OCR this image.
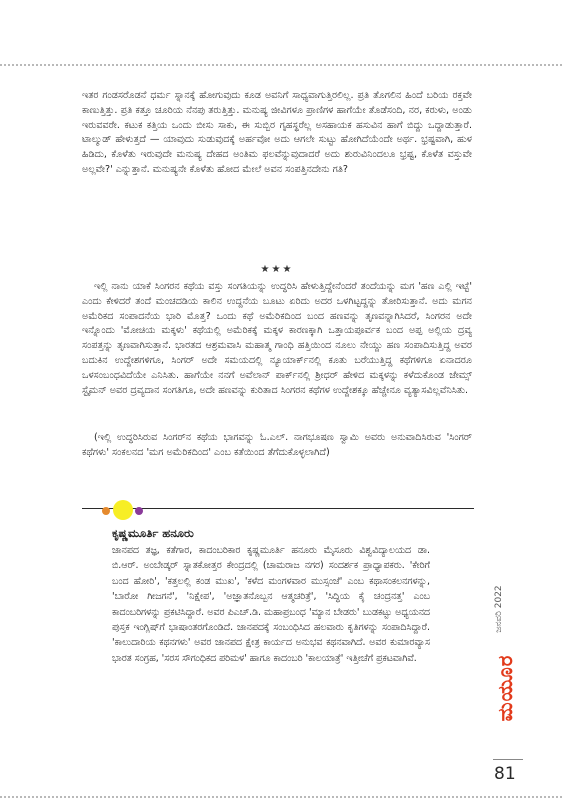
ಇತರ ಗಂಡಸರೊಡನೆ ಧರ್ಮ ಸ್ನಾನಕ್ಕೆ ಹೋಗುವುದು ಕೂಡ ಅವನಿಗೆ ಸಾಧ್ಯವಾಗುತ್ತಿರಲಿಲ್ಲ. ಪ್ರತಿ ತೊಗಲಿನ ಹಿಂದೆ ಬರಿಯ ರಕ್ತವೇ ಕಾಣುತ್ತಿತ್ತು. ಪ್ರತಿ ಕತ್ತೂ ಚೂರಿಯ ನೆನಪು ತರುತ್ತಿತ್ತು. ಮನುಷ್ಯ ಜೀವಿಗಳೂ ಪ್ರಾಣಿಗಳ ಹಾಗೆಯೇ ತೊಡೆಸಂದಿ, ನರ, ಕರುಳು, ಅಂಡು ಇರುವವರೇ. ಕಟುಕ ಕತ್ತಿಯ ಒಂದು ಬೀಸು ಸಾಕು, ಈ ಸುಬ್ಬಿರ ಗೃಹಸ್ಥರೆಲ್ಲ ಅಸಹಾಯಕ ಹಸುವಿನ ಹಾಗೆ ಬಿದ್ದು ಒದ್ದಾಡುತ್ತಾರೆ. ಟಾಲ್ಮುಡ್ ಹೇಳುತ್ತದೆ — ಯಾವುದು ಸುಡುವುದಕ್ಕೆ ಅರ್ಹವೋ ಅದು ಆಗಲೇ ಸುಟ್ಟು ಹೋಗಿದೆಯೆಂದೇ ಅರ್ಥ. ಭ್ರಷ್ಟವಾಗಿ, ಹುಳ ಹಿಡಿದು, ಕೊಳೆತು ಇರುವುದೇ ಮನುಷ್ಯ ದೇಹದ ಅಂತಿಮ ಫಲವೆನ್ನುವುದಾದರೆ ಅದು ಶುರುವಿನಿಂದಲೂ ಭ್ರಷ್ಟ, ಕೊಳೆತ ವಸ್ತುವೇ ಅಲ್ಲವೇ?' ಎನ್ನುತ್ತಾನೆ. ಮನುಷ್ಯನೇ ಕೊಳೆತು ಹೋದ ಮೇಲೆ ಅವನ ಸಂಪತ್ತಿನದೇನು ಗತಿ?

★★★

ಇಲ್ಲಿ ನಾನು ಯಾಕೆ ಸಿಂಗರನ ಕಥೆಯ ವಸ್ತು ಸಂಗತಿಯನ್ನು ಉದ್ಧರಿಸಿ ಹೇಳುತ್ತಿದ್ದೇನೆಂದರೆ ತಂದೆಯನ್ನು ಮಗ 'ಹಣ ಎಲ್ಲಿ ಇಟ್ಟೆ' ಎಂದು ಕೇಳಿದರೆ ತಂದೆ ಮಂಚದಡಿಯ ಕಾಲಿನ ಉದ್ದನೆಯ ಬೂಟು ಏರಿದು ಅದರ ಒಳಗಿಟ್ಟದ್ದನ್ನು ತೋರಿಸುತ್ತಾನೆ. ಅದು ಮಗನ ಅಮೆರಿಕದ ಸಂಪಾದನೆಯ ಭಾರಿ ಮೊತ್ತ? ಒಂದು ಕಥೆ ಅಮೆರಿಕದಿಂದ ಬಂದ ಹಣವನ್ನು ತೃಣವನ್ನಾಗಿಸಿದರೆ, ಸಿಂಗರನ ಅದೇ ಇನ್ನೊಂದು 'ಮೋಚಿಯ ಮಕ್ಕಳು' ಕಥೆಯಲ್ಲಿ ಅಮೆರಿಕಕ್ಕೆ ಮಕ್ಕಳ ಕಾರಣಕ್ಕಾಗಿ ಒತ್ತಾಯಪೂರ್ವಕ ಬಂದ ಅಪ್ಪ ಅಲ್ಲಿಯ ದ್ರವ್ಯ ಸಂಪತ್ತನ್ನು ತೃಣವಾಗಿಸುತ್ತಾನೆ. ಭಾರತದ ಆಶ್ರಮವಾಸಿ ಮಹಾತ್ಮ ಗಾಂಧಿ ಹತ್ತಿಯಿಂದ ನೂಲು ನೇಯ್ದು ಹಣ ಸಂಪಾದಿಸುತ್ತಿದ್ದ ಅವರ ಬದುಕಿನ ಉದ್ದೇಶಗಳಿಗೂ, ಸಿಂಗರ್ ಅದೇ ಸಮಯದಲ್ಲಿ ನ್ಯೂಯಾರ್ಕ್‌ನಲ್ಲಿ ಕೂತು ಬರೆಯುತ್ತಿದ್ದ ಕಥೆಗಳಿಗೂ ಏನಾದರೂ ಒಳಸಂಬಂಧವಿದೆಯೇ ಎನಿಸಿತು. ಹಾಗೆಯೇ ನನಗೆ ಅವೆಲಾನ್ ಪಾರ್ಕ್‌ನಲ್ಲಿ ಶ್ರೀಧರ್ ಹೇಳಿದ ಮಕ್ಕಳನ್ನು ಕಳೆದುಕೊಂಡ ಜೇಮ್ಸ್ ಸ್ಟೈಮನ್ ಅವರ ದ್ರವ್ಯದಾನ ಸಂಗತಿಗೂ, ಅದೇ ಹಣವನ್ನು ಕುರಿತಾದ ಸಿಂಗರನ ಕಥೆಗಳ ಉದ್ದೇಶಕ್ಕೂ ಹೆಚ್ಚೇನೂ ವ್ಯತ್ಯಾಸವಿಲ್ಲವೆನಿಸಿತು.

(ಇಲ್ಲಿ ಉದ್ಧರಿಸಿರುವ ಸಿಂಗರ್‌ನ ಕಥೆಯ ಭಾಗವನ್ನು ಓ.ಎಲ್. ನಾಗಭೂಷಣ ಸ್ವಾಮಿ ಅವರು ಅನುವಾದಿಸಿರುವ 'ಸಿಂಗರ್ ಕಥೆಗಳು' ಸಂಕಲನದ 'ಮಗ ಅಮೆರಿಕದಿಂದ' ಎಂಬ ಕತೆಯಿಂದ ತೆಗೆದುಕೊಳ್ಳಲಾಗಿದೆ)

ಕೃಷ್ಣಮೂರ್ತಿ ಹನೂರು

ಜಾನಪದ ತಜ್ಞ, ಕತೆಗಾರ, ಕಾದಂಬರಿಕಾರ ಕೃಷ್ಣಮೂರ್ತಿ ಹನೂರು ಮೈಸೂರು ವಿಶ್ವವಿದ್ಯಾಲಯದ ಡಾ. ಬಿ.ಆರ್. ಅಂಬೇಡ್ಕರ್ ಸ್ನಾತಕೋತ್ತರ ಕೇಂದ್ರದಲ್ಲಿ (ಚಾಮರಾಜ ನಗರ) ಸಂದರ್ಶಕ ಪ್ರಾಧ್ಯಾಪಕರು. 'ಕೇರಿಗೆ ಬಂದ ಹೋರಿ', 'ಕತ್ತಲಲ್ಲಿ ಕಂಡ ಮುಖ', 'ಕಳೆದ ಮಂಗಳವಾರ ಮುಸ್ಸಂಜೆ' ಎಂಬ ಕಥಾಸಂಕಲನಗಳನ್ನು, 'ಬಾರೋ ಗೀಜಗನೆ', 'ನಿಕ್ಷೇಪ', 'ಅಜ್ಞಾತನೊಬ್ಬನ ಆತ್ಮಚರಿತ್ರೆ', 'ಸಿದ್ಧಿಯ ಕೈ ಚಂದ್ರನತ್ತ' ಎಂಬ ಕಾದಂಬರಿಗಳನ್ನು ಪ್ರಕಟಿಸಿದ್ದಾರೆ. ಅವರ ಪಿಎಚ್.ಡಿ. ಮಹಾಪ್ರಬಂಧ 'ಮ್ಯಾನ ಬೇಡರು' ಬುಡಕಟ್ಟು ಅಧ್ಯಯನದ ಪುಸ್ತಕ ಇಂಗ್ಲಿಷ್‌ಗೆ ಭಾಷಾಂತರಗೊಂಡಿದೆ. ಜಾನಪದಕ್ಕೆ ಸಂಬಂಧಿಸಿದ ಹಲವಾರು ಕೃತಿಗಳನ್ನು ಸಂಪಾದಿಸಿದ್ದಾರೆ. 'ಕಾಲುದಾರಿಯ ಕಥನಗಳು' ಅವರ ಜಾನಪದ ಕ್ಷೇತ್ರ ಕಾರ್ಯದ ಅನುಭವ ಕಥನವಾಗಿದೆ. ಅವರ ಕುಮಾರವ್ಯಾಸ ಭಾರತ ಸಂಗ್ರಹ, 'ಸರಸ ಸೌಗಂಧಿಕದ ಪರಿಮಳ' ಹಾಗೂ ಕಾದಂಬರಿ 'ಕಾಲಯಾತ್ರೆ' ಇತ್ತೀಚೆಗೆ ಪ್ರಕಟವಾಗಿವೆ.

ಜನವರಿ 2022
ಮಯೂರ

81
